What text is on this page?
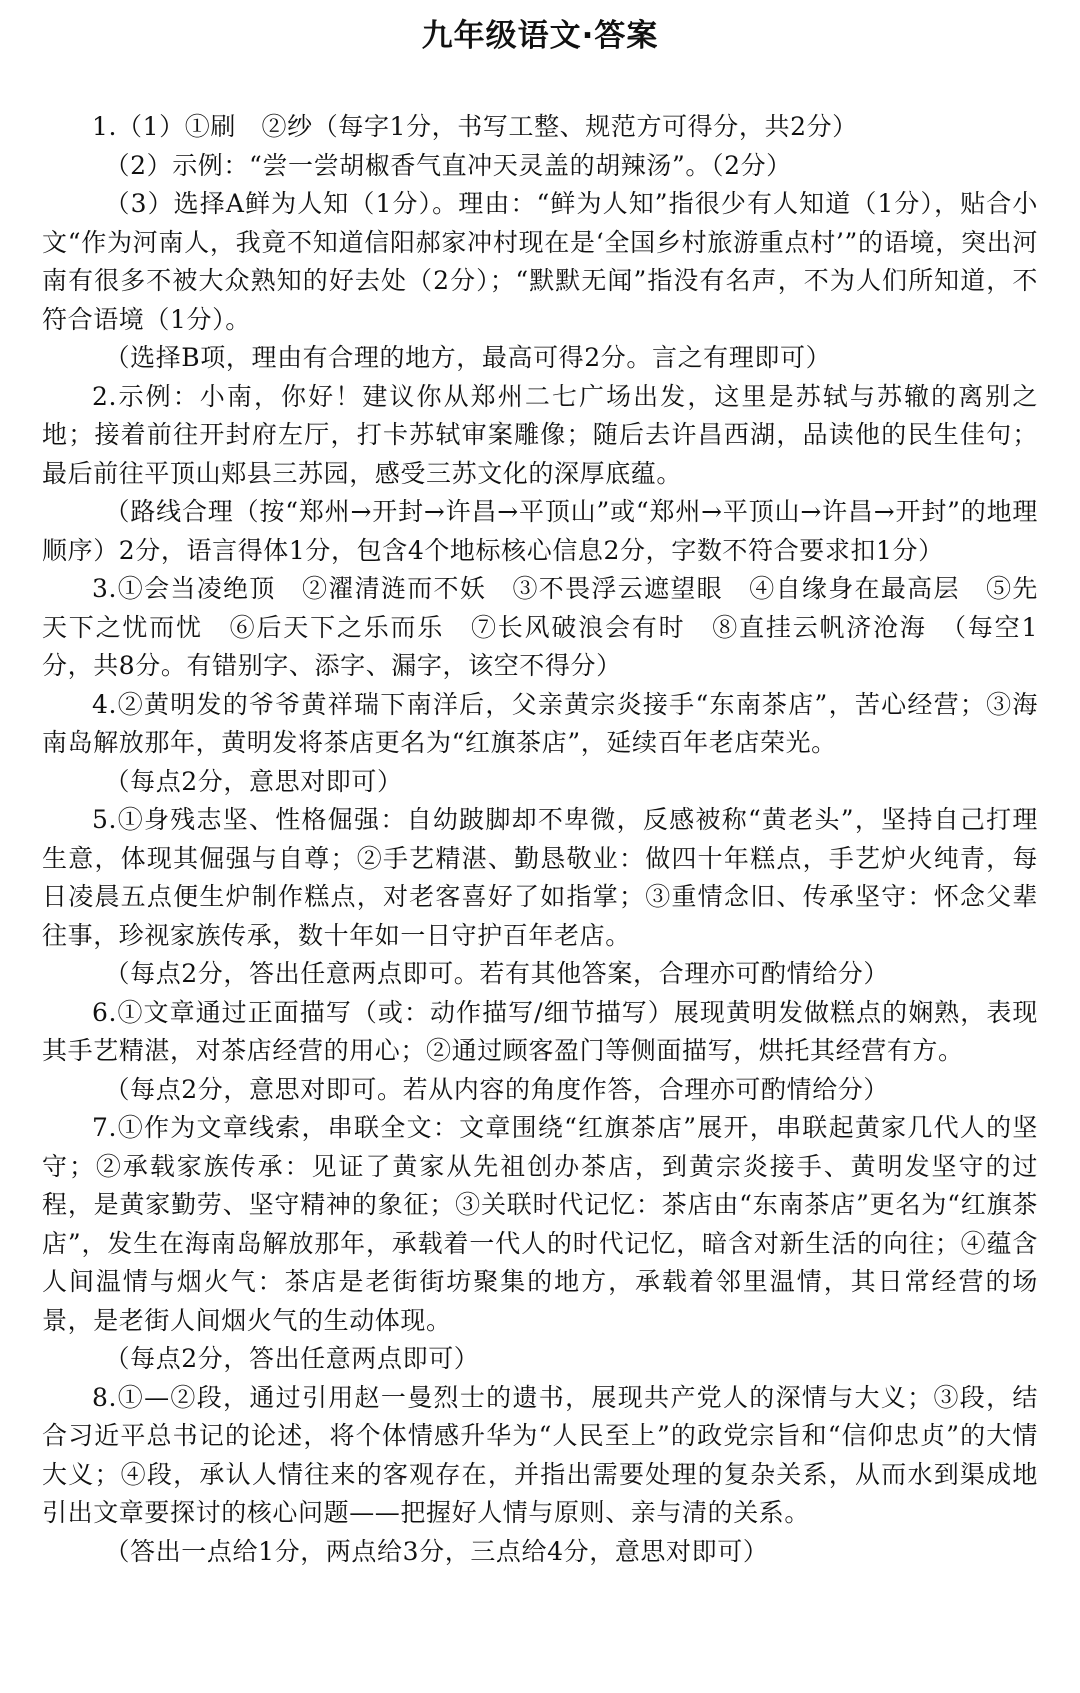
九年级语文·答案

1.（1）①刷　②纱（每字1分，书写工整、规范方可得分，共2分）

（2）示例：“尝一尝胡椒香气直冲天灵盖的胡辣汤”。（2分）

（3）选择A鲜为人知（1分）。理由：“鲜为人知”指很少有人知道（1分），贴合小文“作为河南人，我竟不知道信阳郝家冲村现在是‘全国乡村旅游重点村’”的语境，突出河南有很多不被大众熟知的好去处（2分）；“默默无闻”指没有名声，不为人们所知道，不符合语境（1分）。

（选择B项，理由有合理的地方，最高可得2分。言之有理即可）

2.示例：小南，你好！建议你从郑州二七广场出发，这里是苏轼与苏辙的离别之地；接着前往开封府左厅，打卡苏轼审案雕像；随后去许昌西湖，品读他的民生佳句；最后前往平顶山郏县三苏园，感受三苏文化的深厚底蕴。

（路线合理（按“郑州→开封→许昌→平顶山”或“郑州→平顶山→许昌→开封”的地理顺序）2分，语言得体1分，包含4个地标核心信息2分，字数不符合要求扣1分）

3.①会当凌绝顶　②濯清涟而不妖　③不畏浮云遮望眼　④自缘身在最高层　⑤先天下之忧而忧　⑥后天下之乐而乐　⑦长风破浪会有时　⑧直挂云帆济沧海　（每空1分，共8分。有错别字、添字、漏字，该空不得分）

4.②黄明发的爷爷黄祥瑞下南洋后，父亲黄宗炎接手“东南茶店”，苦心经营；③海南岛解放那年，黄明发将茶店更名为“红旗茶店”，延续百年老店荣光。

（每点2分，意思对即可）

5.①身残志坚、性格倔强：自幼跛脚却不卑微，反感被称“黄老头”，坚持自己打理生意，体现其倔强与自尊；②手艺精湛、勤恳敬业：做四十年糕点，手艺炉火纯青，每日凌晨五点便生炉制作糕点，对老客喜好了如指掌；③重情念旧、传承坚守：怀念父辈往事，珍视家族传承，数十年如一日守护百年老店。

（每点2分，答出任意两点即可。若有其他答案，合理亦可酌情给分）

6.①文章通过正面描写（或：动作描写/细节描写）展现黄明发做糕点的娴熟，表现其手艺精湛，对茶店经营的用心；②通过顾客盈门等侧面描写，烘托其经营有方。

（每点2分，意思对即可。若从内容的角度作答，合理亦可酌情给分）

7.①作为文章线索，串联全文：文章围绕“红旗茶店”展开，串联起黄家几代人的坚守；②承载家族传承：见证了黄家从先祖创办茶店，到黄宗炎接手、黄明发坚守的过程，是黄家勤劳、坚守精神的象征；③关联时代记忆：茶店由“东南茶店”更名为“红旗茶店”，发生在海南岛解放那年，承载着一代人的时代记忆，暗含对新生活的向往；④蕴含人间温情与烟火气：茶店是老街街坊聚集的地方，承载着邻里温情，其日常经营的场景，是老街人间烟火气的生动体现。

（每点2分，答出任意两点即可）

8.①—②段，通过引用赵一曼烈士的遗书，展现共产党人的深情与大义；③段，结合习近平总书记的论述，将个体情感升华为“人民至上”的政党宗旨和“信仰忠贞”的大情大义；④段，承认人情往来的客观存在，并指出需要处理的复杂关系，从而水到渠成地引出文章要探讨的核心问题——把握好人情与原则、亲与清的关系。

（答出一点给1分，两点给3分，三点给4分，意思对即可）
